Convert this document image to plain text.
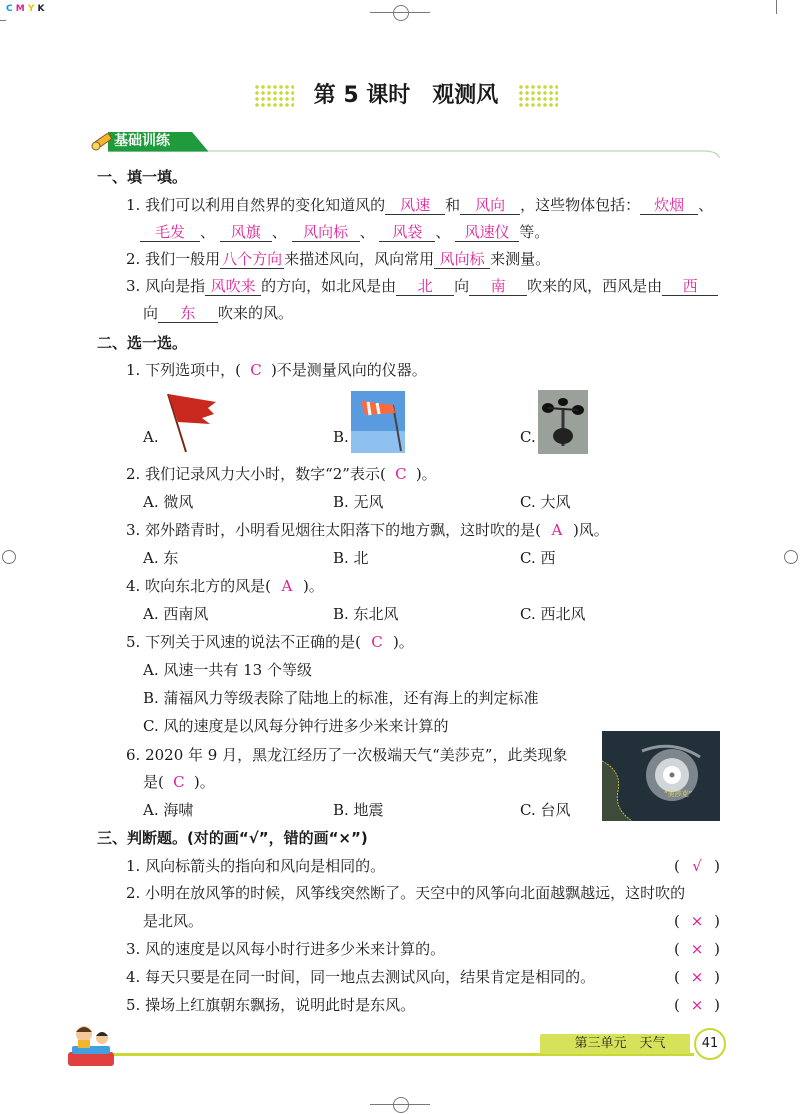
C M Y K
第 5 课时　观测风
基础训练
一、填一填。
1. 我们可以利用自然界的变化知道风的 风速 和 风向 ，这些物体包括： 炊烟 、
毛发 、 风旗 、 风向标 、 风袋 、 风速仪 等。
2. 我们一般用 八个方向 来描述风向，风向常用 风向标 来测量。
3. 风向是指 风吹来 的方向，如北风是由 北 向 南 吹来的风，西风是由 西
向 东 吹来的风。
二、选一选。
1. 下列选项中，( C )不是测量风向的仪器。
A.	B.	C.
2. 我们记录风力大小时，数字“2”表示( C )。
A. 微风	B. 无风	C. 大风
3. 郊外踏青时，小明看见烟往太阳落下的地方飘，这时吹的是( A )风。
A. 东	B. 北	C. 西
4. 吹向东北方的风是( A )。
A. 西南风	B. 东北风	C. 西北风
5. 下列关于风速的说法不正确的是( C )。
A. 风速一共有 13 个等级
B. 蒲福风力等级表除了陆地上的标准，还有海上的判定标准
C. 风的速度是以风每分钟行进多少米来计算的
6. 2020 年 9 月，黑龙江经历了一次极端天气“美莎克”，此类现象
是( C )。
A. 海啸	B. 地震	C. 台风
“美莎克”
三、判断题。(对的画“√”，错的画“×”)
1. 风向标箭头的指向和风向是相同的。	( √ )
2. 小明在放风筝的时候，风筝线突然断了。天空中的风筝向北面越飘越远，这时吹的
是北风。	( × )
3. 风的速度是以风每小时行进多少米来计算的。	( × )
4. 每天只要是在同一时间，同一地点去测试风向，结果肯定是相同的。	( × )
5. 操场上红旗朝东飘扬，说明此时是东风。	( × )
第三单元　天气	41
